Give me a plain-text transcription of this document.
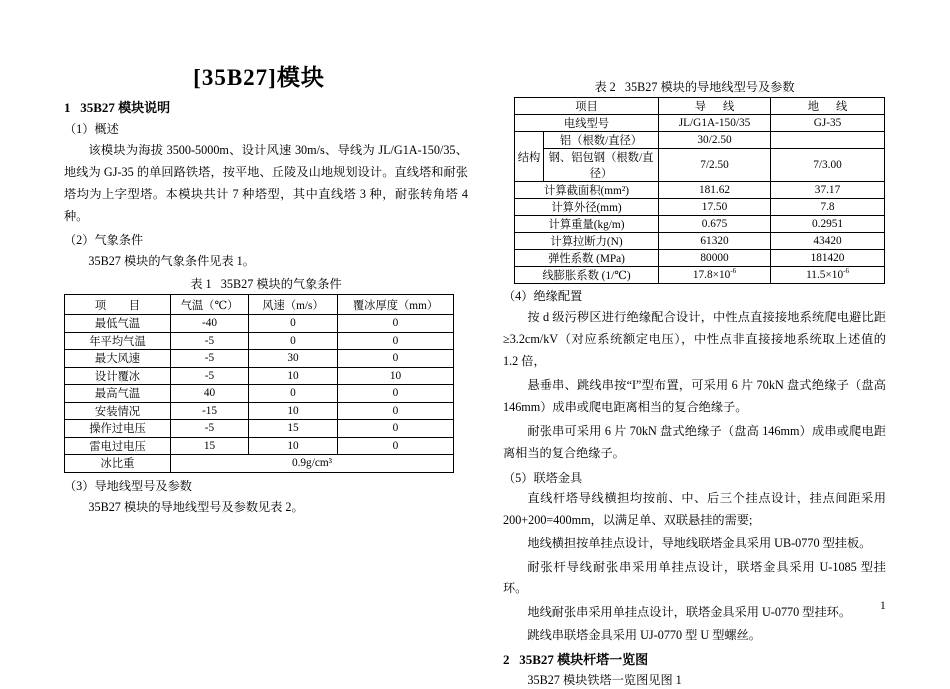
[35B27]模块
1   35B27 模块说明
（1）概述

该模块为海拔 3500-5000m、设计风速 30m/s、导线为 JL/G1A-150/35、地线为 GJ-35 的单回路铁塔，按平地、丘陵及山地规划设计。直线塔和耐张塔均为上字型塔。本模块共计 7 种塔型，其中直线塔 3 种，耐张转角塔 4 种。

（2）气象条件

35B27 模块的气象条件见表 1。

表 1   35B27 模块的气象条件
项        目	气温（℃）	风速（m/s）	覆冰厚度（mm）
最低气温	-40	0	0
年平均气温	-5	0	0
最大风速	-5	30	0
设计覆冰	-5	10	10
最高气温	40	0	0
安装情况	-15	10	0
操作过电压	-5	15	0
雷电过电压	15	10	0
冰比重	0.9g/cm³		
（3）导地线型号及参数

35B27 模块的导地线型号及参数见表 2。

表 2   35B27 模块的导地线型号及参数
项目		导      线	地      线
电线型号		JL/G1A-150/35	GJ-35
结构	铝（根数/直径）	30/2.50	
	钢、铝包钢（根数/直径）	7/2.50	7/3.00
计算截面积(mm²)		181.62	37.17
计算外径(mm)		17.50	7.8
计算重量(kg/m)		0.675	0.2951
计算拉断力(N)		61320	43420
弹性系数 (MPa)		80000	181420
线膨胀系数 (1/℃)		$17.8\times 10^{-6}$	$11.5\times 10^{-6}$
（4）绝缘配置

按 d 级污秽区进行绝缘配合设计，中性点直接接地系统爬电避比距≥3.2cm/kV（对应系统额定电压），中性点非直接接地系统取上述值的 1.2 倍，

悬垂串、跳线串按“I”型布置，可采用 6 片 70kN 盘式绝缘子（盘高 146mm）成串或爬电距离相当的复合绝缘子。

耐张串可采用 6 片 70kN 盘式绝缘子（盘高 146mm）成串或爬电距离相当的复合绝缘子。

（5）联塔金具

直线杆塔导线横担均按前、中、后三个挂点设计，挂点间距采用 200+200=400mm，以满足单、双联悬挂的需要;

地线横担按单挂点设计，导地线联塔金具采用 UB-0770 型挂板。

耐张杆导线耐张串采用单挂点设计，联塔金具采用 U-1085 型挂环。

地线耐张串采用单挂点设计，联塔金具采用 U-0770 型挂环。

跳线串联塔金具采用 UJ-0770 型 U 型螺丝。

2   35B27 模块杆塔一览图

35B27 模块铁塔一览图见图 1

1
